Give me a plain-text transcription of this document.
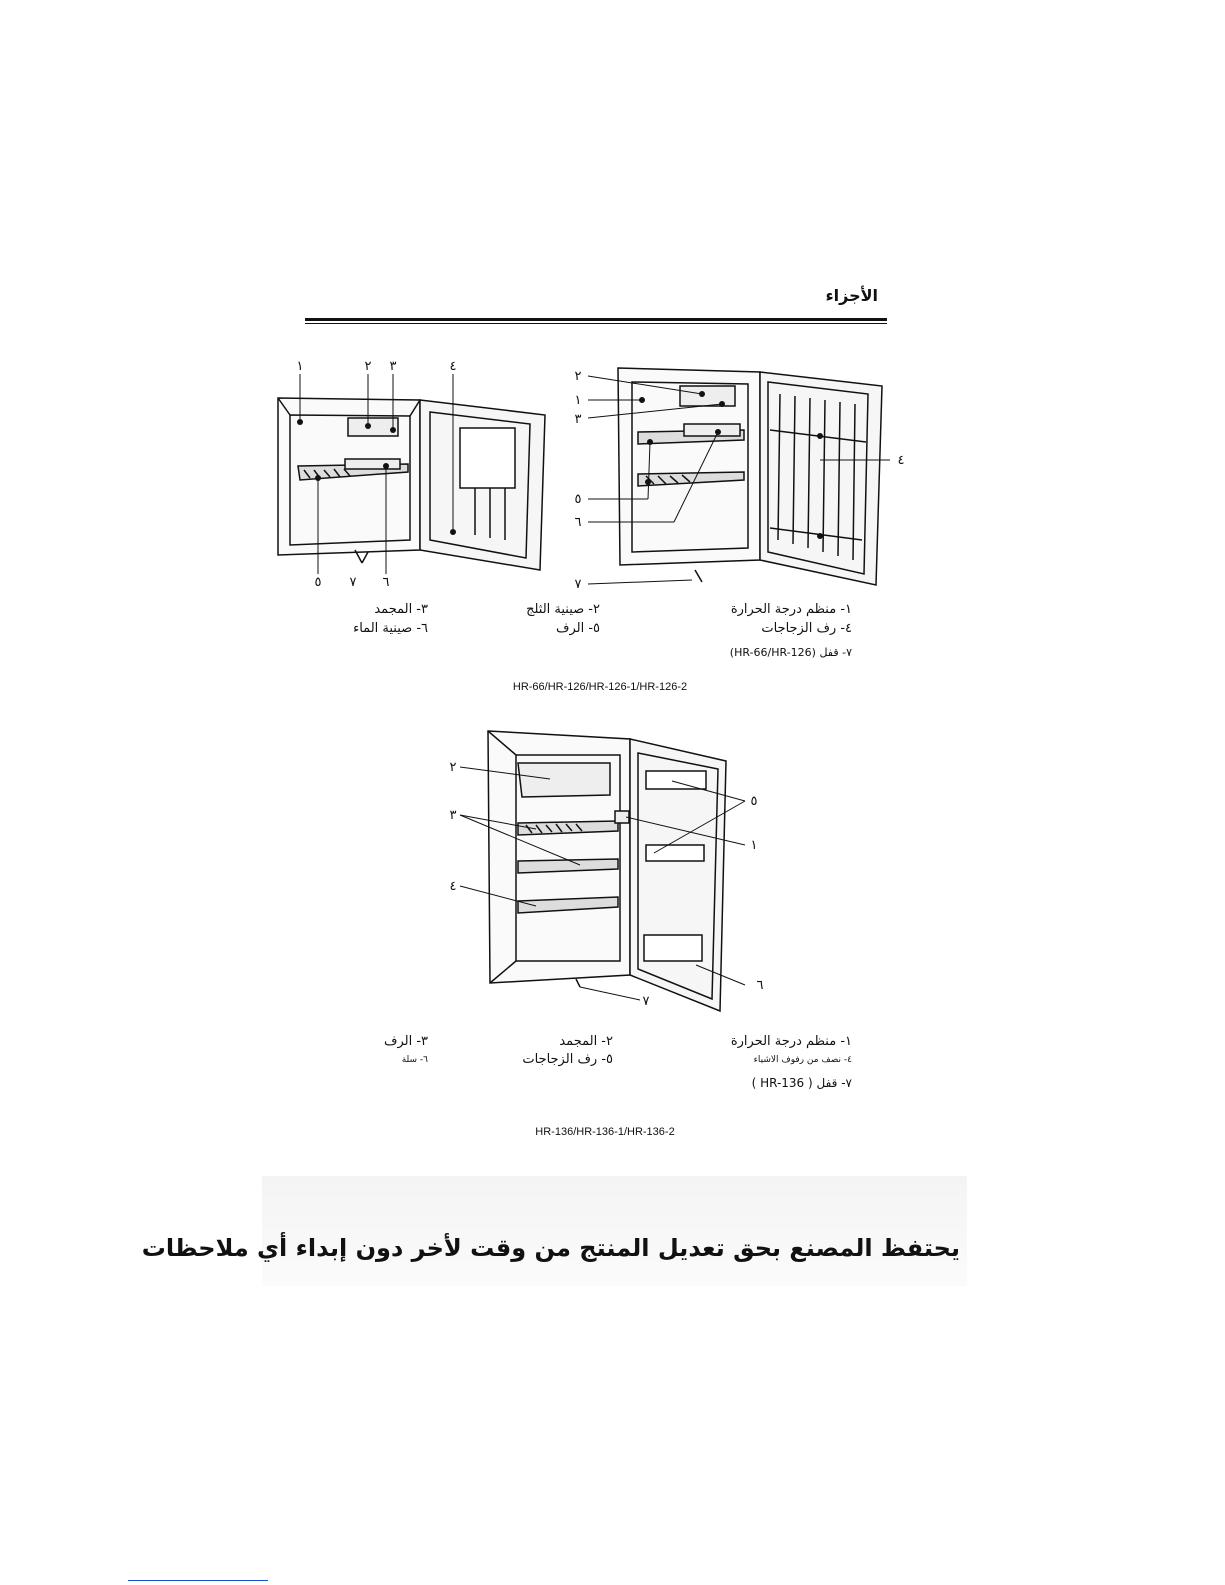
الأجزاء
١	٢ ٣	٤
٥ ٧ ٦
٢
١
٣
٥
٦
٤
٧
١- منظم درجة الحرارة
٤- رف الزجاجات
٧- قفل (HR-66/HR-126)
٢- صينية الثلج
٥- الرف
٣- المجمد
٦- صينية الماء
HR-66/HR-126/HR-126-1/HR-126-2
٢
٣
٤
٥
١
٦
٧
١- منظم درجة الحرارة
٤- نصف من رفوف الاشياء
٧- قفل ( HR-136 )
٢- المجمد
٥- رف الزجاجات
٣- الرف
٦- سلة
HR-136/HR-136-1/HR-136-2
يحتفظ المصنع بحق تعديل المنتج من وقت لأخر دون إبداء أي ملاحظات
